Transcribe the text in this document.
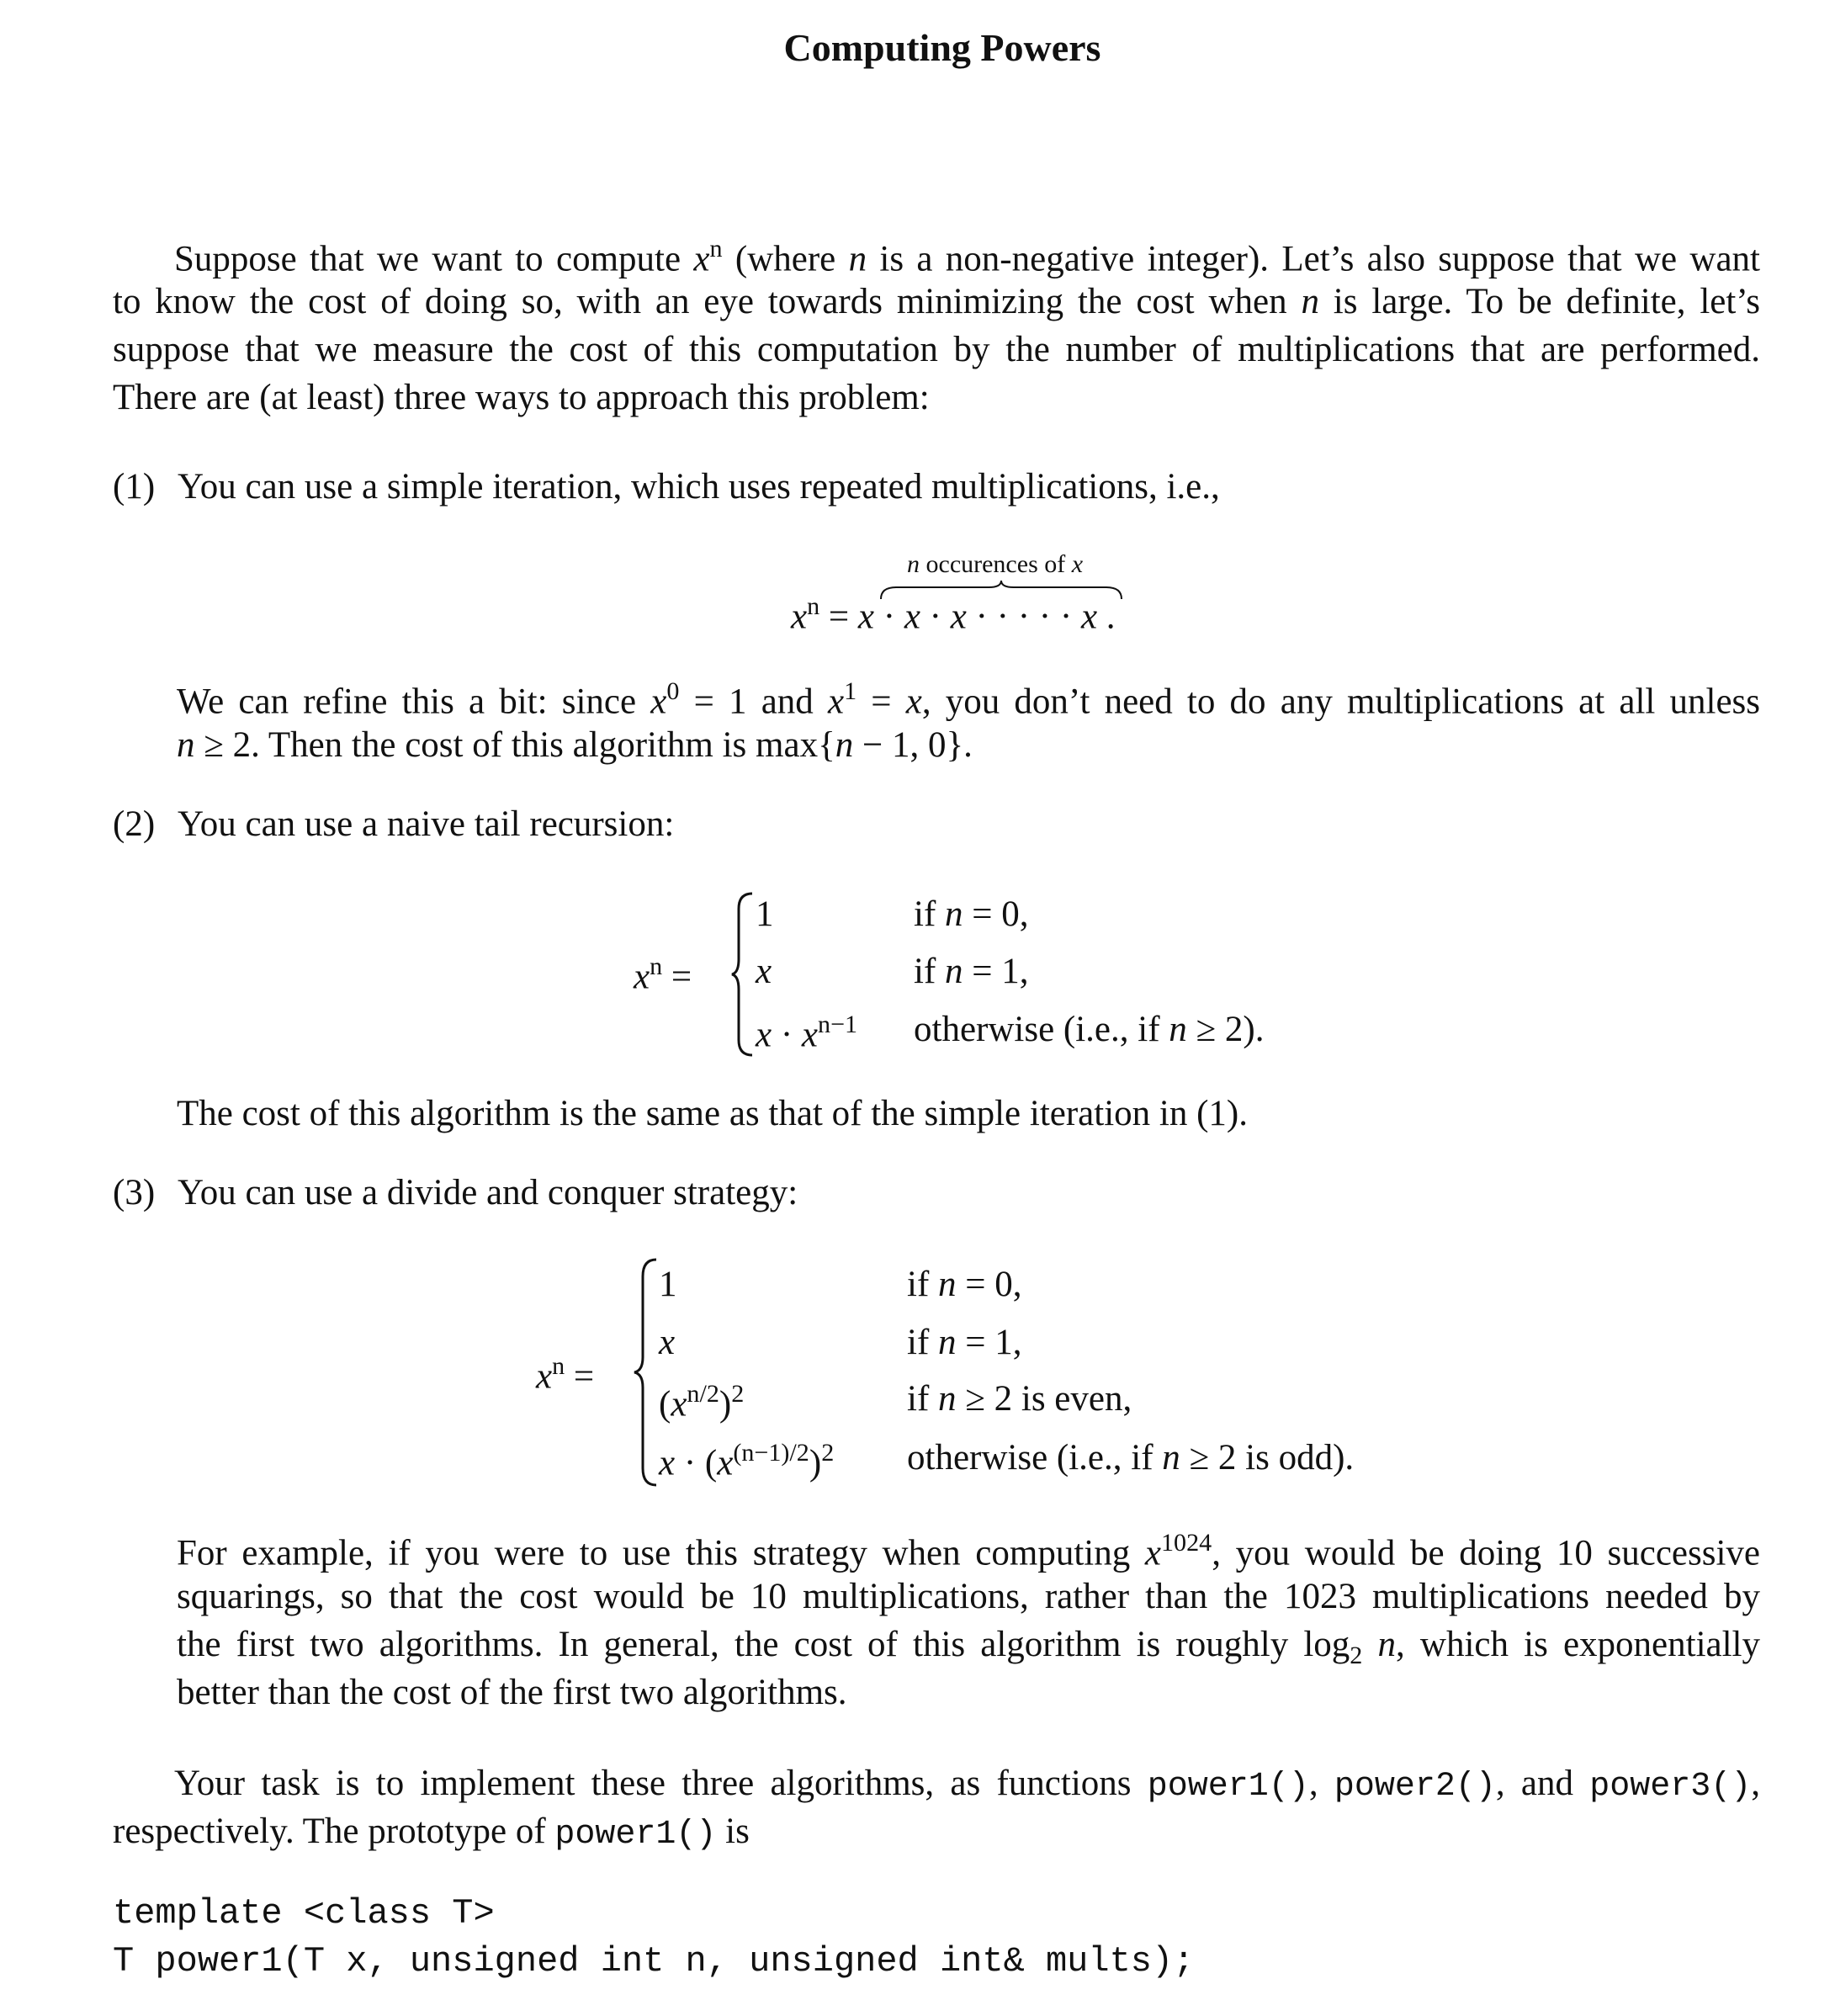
Computing Powers
Suppose that we want to compute $x^n$ (where n is a non-negative integer). Let’s also suppose that we want
to know the cost of doing so, with an eye towards minimizing the cost when n is large. To be definite, let’s
suppose that we measure the cost of this computation by the number of multiplications that are performed.
There are (at least) three ways to approach this problem:
(1) You can use a simple iteration, which uses repeated multiplications, i.e.,
n occurences of x
$x^n = x \cdot x \cdot x$ · · · · · x .
We can refine this a bit: since $x^0 = 1$ and $x^1 = x$, you don’t need to do any multiplications at all unless
n ≥ 2. Then the cost of this algorithm is max{n − 1, 0}.
(2) You can use a naive tail recursion:
$x^n$ =
1	if n = 0,
x	if n = 1,
$x \cdot x^{n-1}$ otherwise (i.e., if n ≥ 2).
The cost of this algorithm is the same as that of the simple iteration in (1).
(3) You can use a divide and conquer strategy:
$x^n$ =
1	if n = 0,
x	if n = 1,
$(x^{n/2})^2$	if n ≥ 2 is even,
$x \cdot (x^{(n-1)/2})^2$ otherwise (i.e., if n ≥ 2 is odd).
For example, if you were to use this strategy when computing $x^{1024}$, you would be doing 10 successive
squarings, so that the cost would be 10 multiplications, rather than the 1023 multiplications needed by
the first two algorithms. In general, the cost of this algorithm is roughly $\log_2 n$, which is exponentially
better than the cost of the first two algorithms.
Your task is to implement these three algorithms, as functions power1(), power2(), and power3(),
respectively. The prototype of power1() is
template <class T>
T power1(T x, unsigned int n, unsigned int& mults);
